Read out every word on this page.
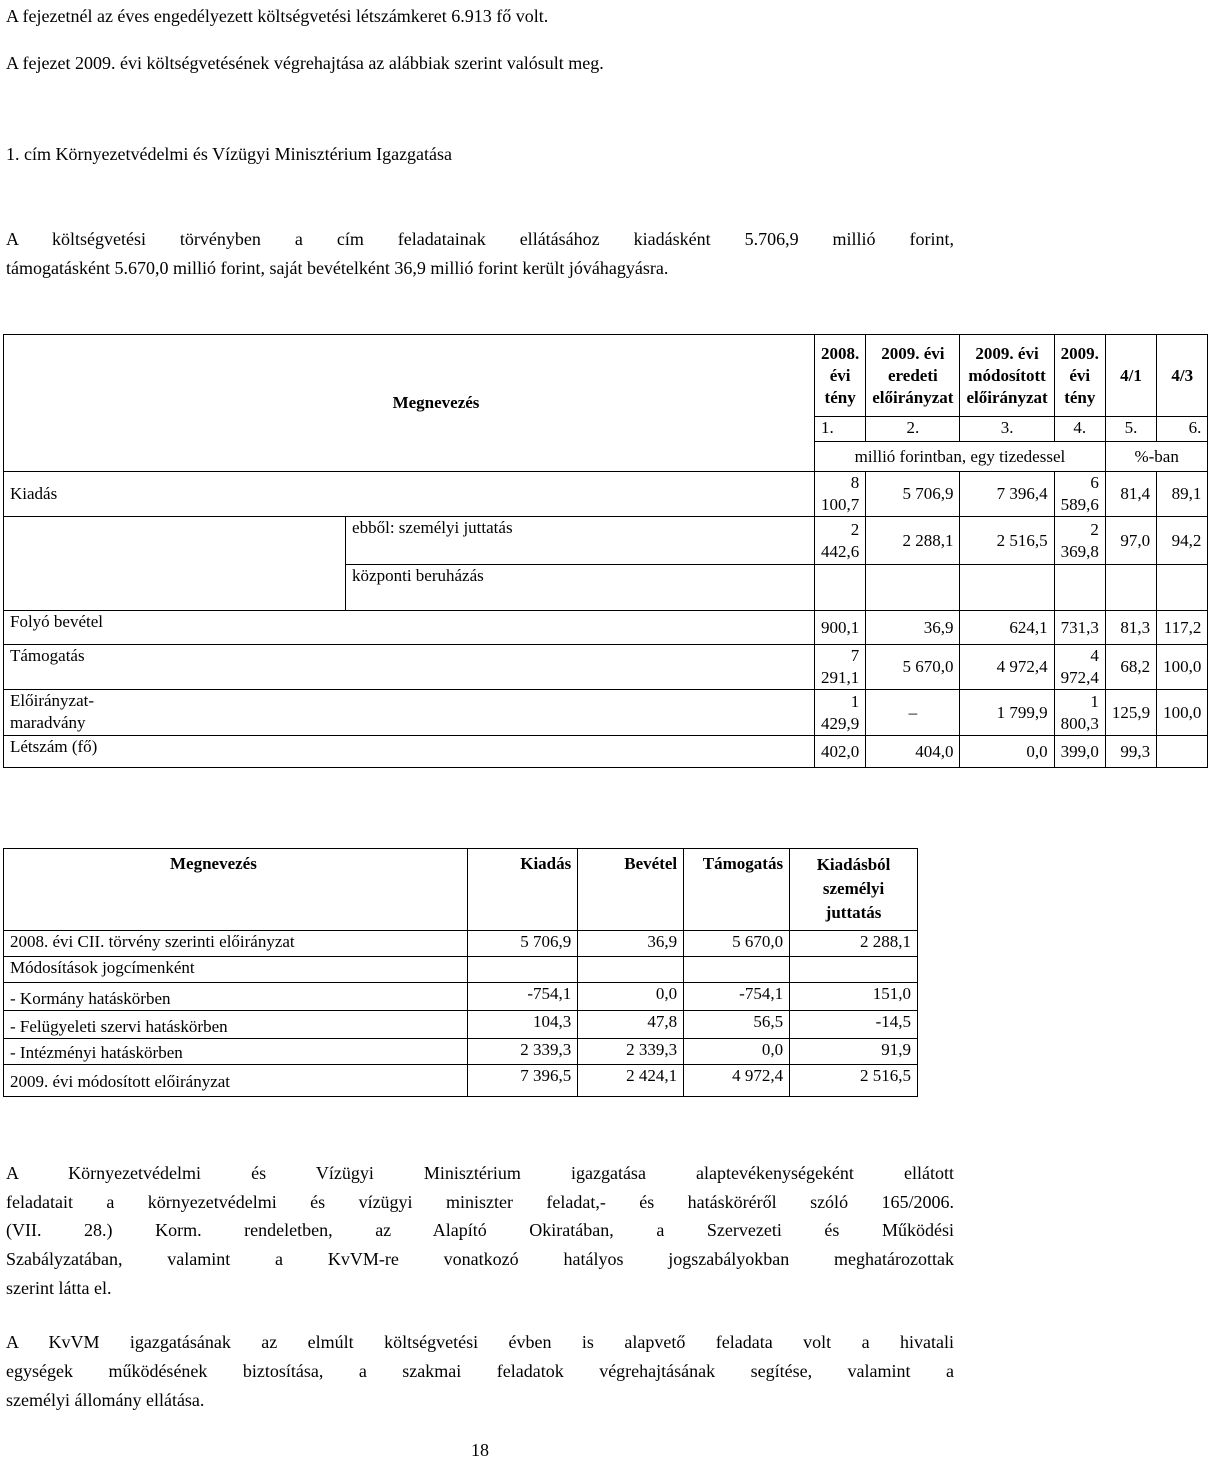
A fejezetnél az éves engedélyezett költségvetési létszámkeret 6.913 fő volt.

A fejezet 2009. évi költségvetésének végrehajtása az alábbiak szerint valósult meg.

1. cím Környezetvédelmi és Vízügyi Minisztérium Igazgatása

A költségvetési törvényben a cím feladatainak ellátásához kiadásként 5.706,9 millió forint,

támogatásként 5.670,0 millió forint, saját bevételként 36,9 millió forint került jóváhagyásra.

Megnevezés		2008. évi tény	2009. évi eredeti előirányzat	2009. évi módosított előirányzat	2009. évi tény	4/1	4/3
		1.	2.	3.	4.	5.	6.
		millió forintban, egy tizedessel				%-ban	
Kiadás		8 100,7	5 706,9	7 396,4	6 589,6	81,4	89,1
	ebből: személyi juttatás	2 442,6	2 288,1	2 516,5	2 369,8	97,0	94,2
	központi beruházás						
Folyó bevétel		900,1	36,9	624,1	731,3	81,3	117,2
Támogatás		7 291,1	5 670,0	4 972,4	4 972,4	68,2	100,0
Előirányzat-maradvány		1 429,9	–	1 799,9	1 800,3	125,9	100,0
Létszám (fő)		402,0	404,0	0,0	399,0	99,3	
Megnevezés	Kiadás	Bevétel	Támogatás	Kiadásból személyi juttatás
2008. évi CII. törvény szerinti előirányzat	5 706,9	36,9	5 670,0	2 288,1
Módosítások jogcímenként				
- Kormány hatáskörben	-754,1	0,0	-754,1	151,0
- Felügyeleti szervi hatáskörben	104,3	47,8	56,5	-14,5
- Intézményi hatáskörben	2 339,3	2 339,3	0,0	91,9
2009. évi módosított előirányzat	7 396,5	2 424,1	4 972,4	2 516,5

A Környezetvédelmi és Vízügyi Minisztérium igazgatása alaptevékenységeként ellátott

feladatait a környezetvédelmi és vízügyi miniszter feladat,- és hatásköréről szóló 165/2006.

(VII. 28.) Korm. rendeletben, az Alapító Okiratában, a Szervezeti és Működési

Szabályzatában, valamint a KvVM-re vonatkozó hatályos jogszabályokban meghatározottak

szerint látta el.

A KvVM igazgatásának az elmúlt költségvetési évben is alapvető feladata volt a hivatali

egységek működésének biztosítása, a szakmai feladatok végrehajtásának segítése, valamint a

személyi állomány ellátása.

18
